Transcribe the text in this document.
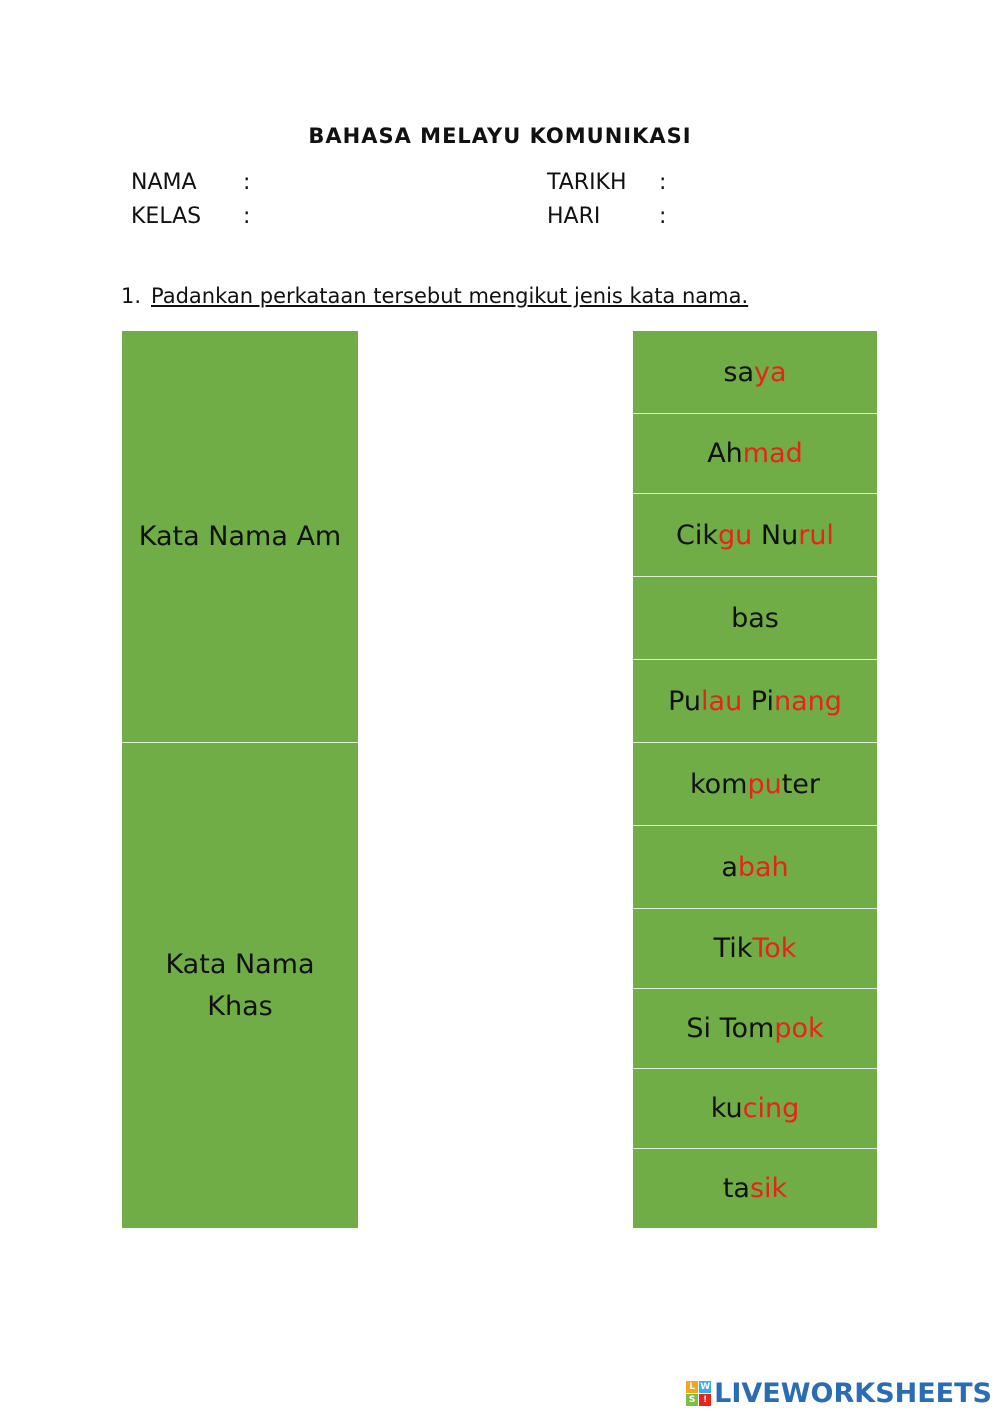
BAHASA MELAYU KOMUNIKASI
NAMA :
KELAS :
TARIKH :
HARI	:
1. Padankan perkataan tersebut mengikut jenis kata nama.
Kata Nama Am
Kata Nama
Khas
saya
Ahmad
Cikgu Nurul
bas
Pulau Pinang
komputer
abah
TikTok
Si Tompok
kucing
tasik
L W
S ! LIVEWORKSHEETS
